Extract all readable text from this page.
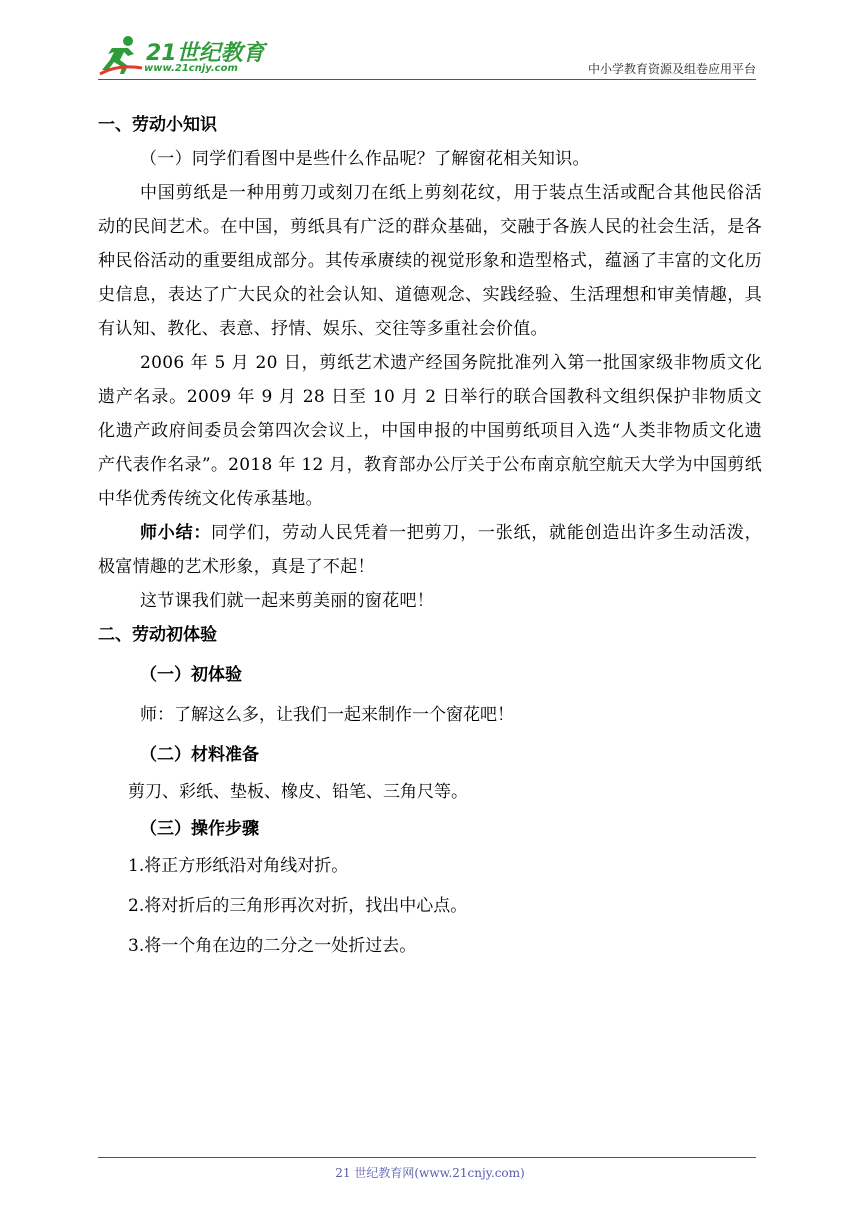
21世纪教育
www.21cnjy.com	中小学教育资源及组卷应用平台

一、劳动小知识

（一）同学们看图中是些什么作品呢？了解窗花相关知识。

中国剪纸是一种用剪刀或刻刀在纸上剪刻花纹，用于装点生活或配合其他民俗活动的民间艺术。在中国，剪纸具有广泛的群众基础，交融于各族人民的社会生活，是各种民俗活动的重要组成部分。其传承赓续的视觉形象和造型格式，蕴涵了丰富的文化历史信息，表达了广大民众的社会认知、道德观念、实践经验、生活理想和审美情趣，具有认知、教化、表意、抒情、娱乐、交往等多重社会价值。

2006 年 5 月 20 日，剪纸艺术遗产经国务院批准列入第一批国家级非物质文化遗产名录。2009 年 9 月 28 日至 10 月 2 日举行的联合国教科文组织保护非物质文化遗产政府间委员会第四次会议上，中国申报的中国剪纸项目入选“人类非物质文化遗产代表作名录”。2018 年 12 月，教育部办公厅关于公布南京航空航天大学为中国剪纸中华优秀传统文化传承基地。

师小结：同学们，劳动人民凭着一把剪刀，一张纸，就能创造出许多生动活泼，极富情趣的艺术形象，真是了不起！

这节课我们就一起来剪美丽的窗花吧！

二、劳动初体验

（一）初体验

师：了解这么多，让我们一起来制作一个窗花吧！

（二）材料准备

剪刀、彩纸、垫板、橡皮、铅笔、三角尺等。

（三）操作步骤

1.将正方形纸沿对角线对折。

2.将对折后的三角形再次对折，找出中心点。

3.将一个角在边的二分之一处折过去。

21 世纪教育网(www.21cnjy.com)
